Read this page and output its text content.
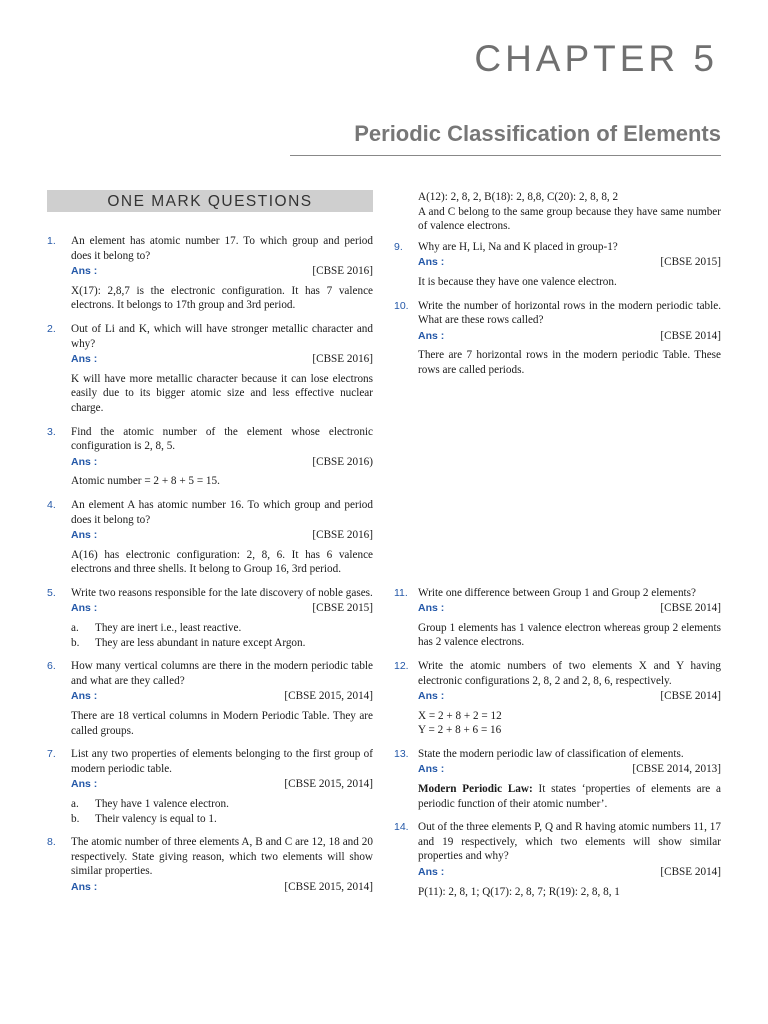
CHAPTER 5
Periodic Classification of Elements
ONE MARK QUESTIONS
1. An element has atomic number 17. To which group and period does it belong to?
Ans :	[CBSE 2016]

X(17): 2,8,7 is the electronic configuration. It has 7 valence electrons. It belongs to 17th group and 3rd period.

2. Out of Li and K, which will have stronger metallic character and why?
Ans :	[CBSE 2016]

K will have more metallic character because it can lose electrons easily due to its bigger atomic size and less effective nuclear charge.

3. Find the atomic number of the element whose electronic configuration is 2, 8, 5.
Ans :	[CBSE 2016)

Atomic number = 2 + 8 + 5 = 15.

4. An element A has atomic number 16. To which group and period does it belong to?
Ans :	[CBSE 2016]

A(16) has electronic configuration: 2, 8, 6. It has 6 valence electrons and three shells. It belong to Group 16, 3rd period.

5. Write two reasons responsible for the late discovery of noble gases.
Ans :	[CBSE 2015]
a. They are inert i.e., least reactive.
b. They are less abundant in nature except Argon.
6. How many vertical columns are there in the modern periodic table and what are they called?
Ans :	[CBSE 2015, 2014]

There are 18 vertical columns in Modern Periodic Table. They are called groups.

7. List any two properties of elements belonging to the first group of modern periodic table.
Ans :	[CBSE 2015, 2014]
a. They have 1 valence electron.
b. Their valency is equal to 1.
8. The atomic number of three elements A, B and C are 12, 18 and 20 respectively. State giving reason, which two elements will show similar properties.
Ans :	[CBSE 2015, 2014]

A(12): 2, 8, 2, B(18): 2, 8,8, C(20): 2, 8, 8, 2

A and C belong to the same group because they have same number of valence electrons.

9. Why are H, Li, Na and K placed in group-1?
Ans :	[CBSE 2015]

It is because they have one valence electron.

10. Write the number of horizontal rows in the modern periodic table. What are these rows called?
Ans :	[CBSE 2014]

There are 7 horizontal rows in the modern periodic Table. These rows are called periods.

11. Write one difference between Group 1 and Group 2 elements?
Ans :	[CBSE 2014]

Group 1 elements has 1 valence electron whereas group 2 elements has 2 valence electrons.

12. Write the atomic numbers of two elements X and Y having electronic configurations 2, 8, 2 and 2, 8, 6, respectively.
Ans :	[CBSE 2014]

X = 2 + 8 + 2 = 12

Y = 2 + 8 + 6 = 16

13. State the modern periodic law of classification of elements.
Ans :	[CBSE 2014, 2013]

Modern Periodic Law: It states ‘properties of elements are a periodic function of their atomic number’.

14. Out of the three elements P, Q and R having atomic numbers 11, 17 and 19 respectively, which two elements will show similar properties and why?
Ans :	[CBSE 2014]

P(11): 2, 8, 1; Q(17): 2, 8, 7; R(19): 2, 8, 8, 1
